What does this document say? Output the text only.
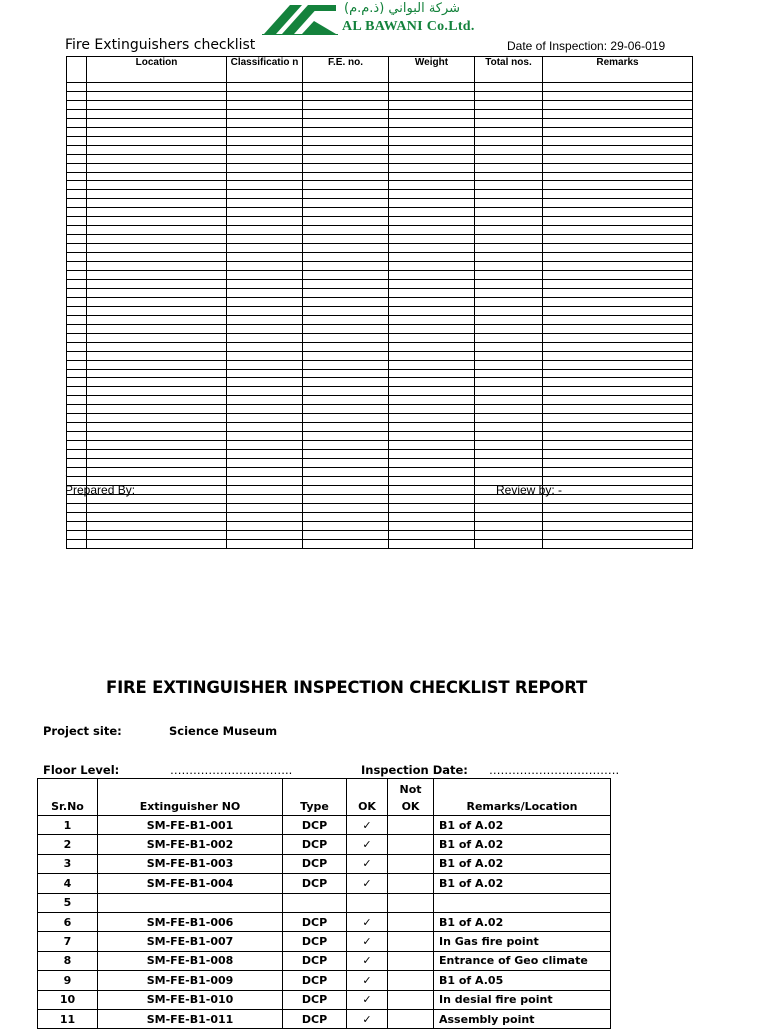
شركة البواني (ذ.م.م)
AL BAWANI Co.Ltd.
Fire Extinguishers checklist	Date of Inspection: 29-06-019
	Location	Classificatio n	F.E. no.	Weight	Total nos.	Remarks

:
Prepared By:	Review by: -
FIRE EXTINGUISHER INSPECTION CHECKLIST REPORT
Project site:	Science Museum
Floor Level:	…………………………..	Inspection Date: …………………………….
Sr.No	Extinguisher NO	Type	OK	Not OK	Remarks/Location
1	SM-FE-B1-001	DCP	✓		B1 of A.02
2	SM-FE-B1-002	DCP	✓		B1 of A.02
3	SM-FE-B1-003	DCP	✓		B1 of A.02
4	SM-FE-B1-004	DCP	✓		B1 of A.02
5					
6	SM-FE-B1-006	DCP	✓		B1 of A.02
7	SM-FE-B1-007	DCP	✓		In Gas fire point
8	SM-FE-B1-008	DCP	✓		Entrance of Geo climate
9	SM-FE-B1-009	DCP	✓		B1 of A.05
10	SM-FE-B1-010	DCP	✓		In desial fire point
11	SM-FE-B1-011	DCP	✓		Assembly point
